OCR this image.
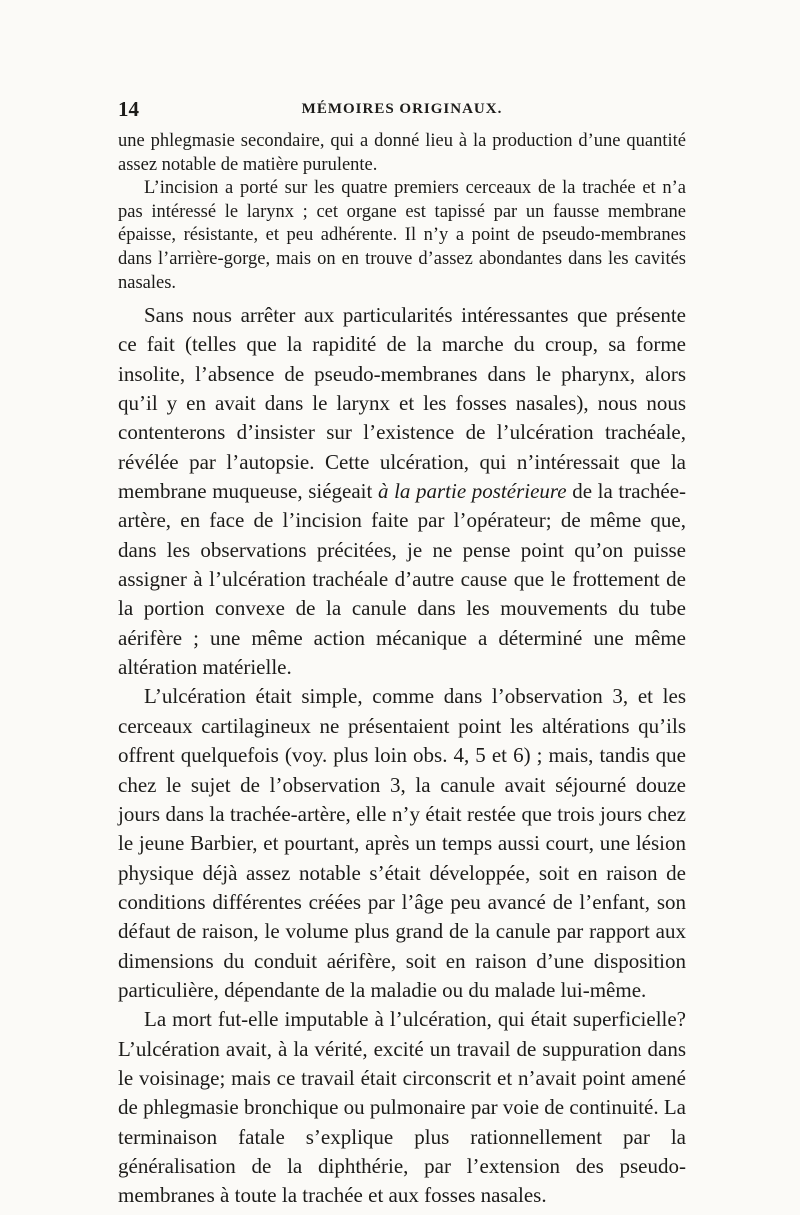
14	MÉMOIRES ORIGINAUX.

une phlegmasie secondaire, qui a donné lieu à la production d’une quantité assez notable de matière purulente.

L’incision a porté sur les quatre premiers cerceaux de la trachée et n’a pas intéressé le larynx ; cet organe est tapissé par un fausse membrane épaisse, résistante, et peu adhérente. Il n’y a point de pseudo-membranes dans l’arrière-gorge, mais on en trouve d’assez abondantes dans les cavités nasales.

Sans nous arrêter aux particularités intéressantes que présente ce fait (telles que la rapidité de la marche du croup, sa forme insolite, l’absence de pseudo-membranes dans le pharynx, alors qu’il y en avait dans le larynx et les fosses nasales), nous nous contenterons d’insister sur l’existence de l’ulcération trachéale, révélée par l’autopsie. Cette ulcération, qui n’intéressait que la membrane muqueuse, siégeait à la partie postérieure de la trachée-artère, en face de l’incision faite par l’opérateur; de même que, dans les observations précitées, je ne pense point qu’on puisse assigner à l’ulcération trachéale d’autre cause que le frottement de la portion convexe de la canule dans les mouvements du tube aérifère ; une même action mécanique a déterminé une même altération matérielle.

L’ulcération était simple, comme dans l’observation 3, et les cerceaux cartilagineux ne présentaient point les altérations qu’ils offrent quelquefois (voy. plus loin obs. 4, 5 et 6) ; mais, tandis que chez le sujet de l’observation 3, la canule avait séjourné douze jours dans la trachée-artère, elle n’y était restée que trois jours chez le jeune Barbier, et pourtant, après un temps aussi court, une lésion physique déjà assez notable s’était développée, soit en raison de conditions différentes créées par l’âge peu avancé de l’enfant, son défaut de raison, le volume plus grand de la canule par rapport aux dimensions du conduit aérifère, soit en raison d’une disposition particulière, dépendante de la maladie ou du malade lui-même.

La mort fut-elle imputable à l’ulcération, qui était superficielle? L’ulcération avait, à la vérité, excité un travail de suppuration dans le voisinage; mais ce travail était circonscrit et n’avait point amené de phlegmasie bronchique ou pulmonaire par voie de continuité. La terminaison fatale s’explique plus rationnellement par la généralisation de la diphthérie, par l’extension des pseudo-membranes à toute la trachée et aux fosses nasales.
